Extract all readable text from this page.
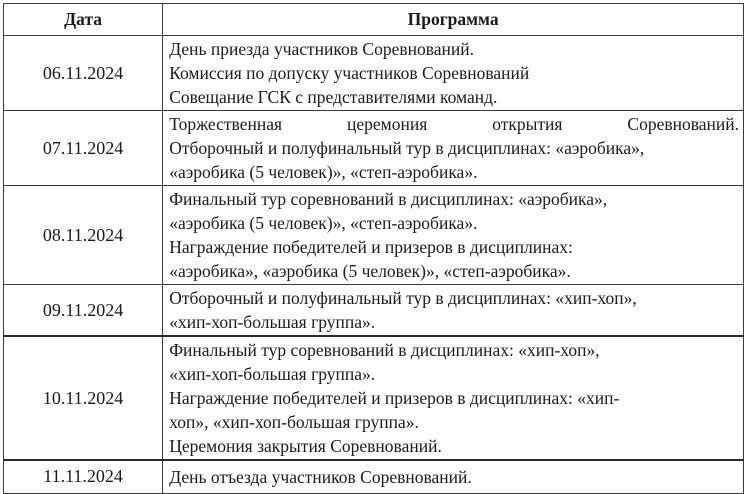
Дата	Программа
06.11.2024	День приезда участников Соревнований.
Комиссия по допуску участников Соревнований
Совещание ГСК с представителями команд.

07.11.2024	Торжественная церемония открытия Соревнований.
Отборочный и полуфинальный тур в дисциплинах: «аэробика»,
«аэробика (5 человек)», «степ-аэробика».

08.11.2024	Финальный тур соревнований в дисциплинах: «аэробика»,
«аэробика (5 человек)», «степ-аэробика».
Награждение победителей и призеров в дисциплинах:
«аэробика», «аэробика (5 человек)», «степ-аэробика».

09.11.2024	Отборочный и полуфинальный тур в дисциплинах: «хип-хоп»,
«хип-хоп-большая группа».

10.11.2024	Финальный тур соревнований в дисциплинах: «хип-хоп»,
«хип-хоп-большая группа».
Награждение победителей и призеров в дисциплинах: «хип-
хоп», «хип-хоп-большая группа».
Церемония закрытия Соревнований.

11.11.2024	День отъезда участников Соревнований.
